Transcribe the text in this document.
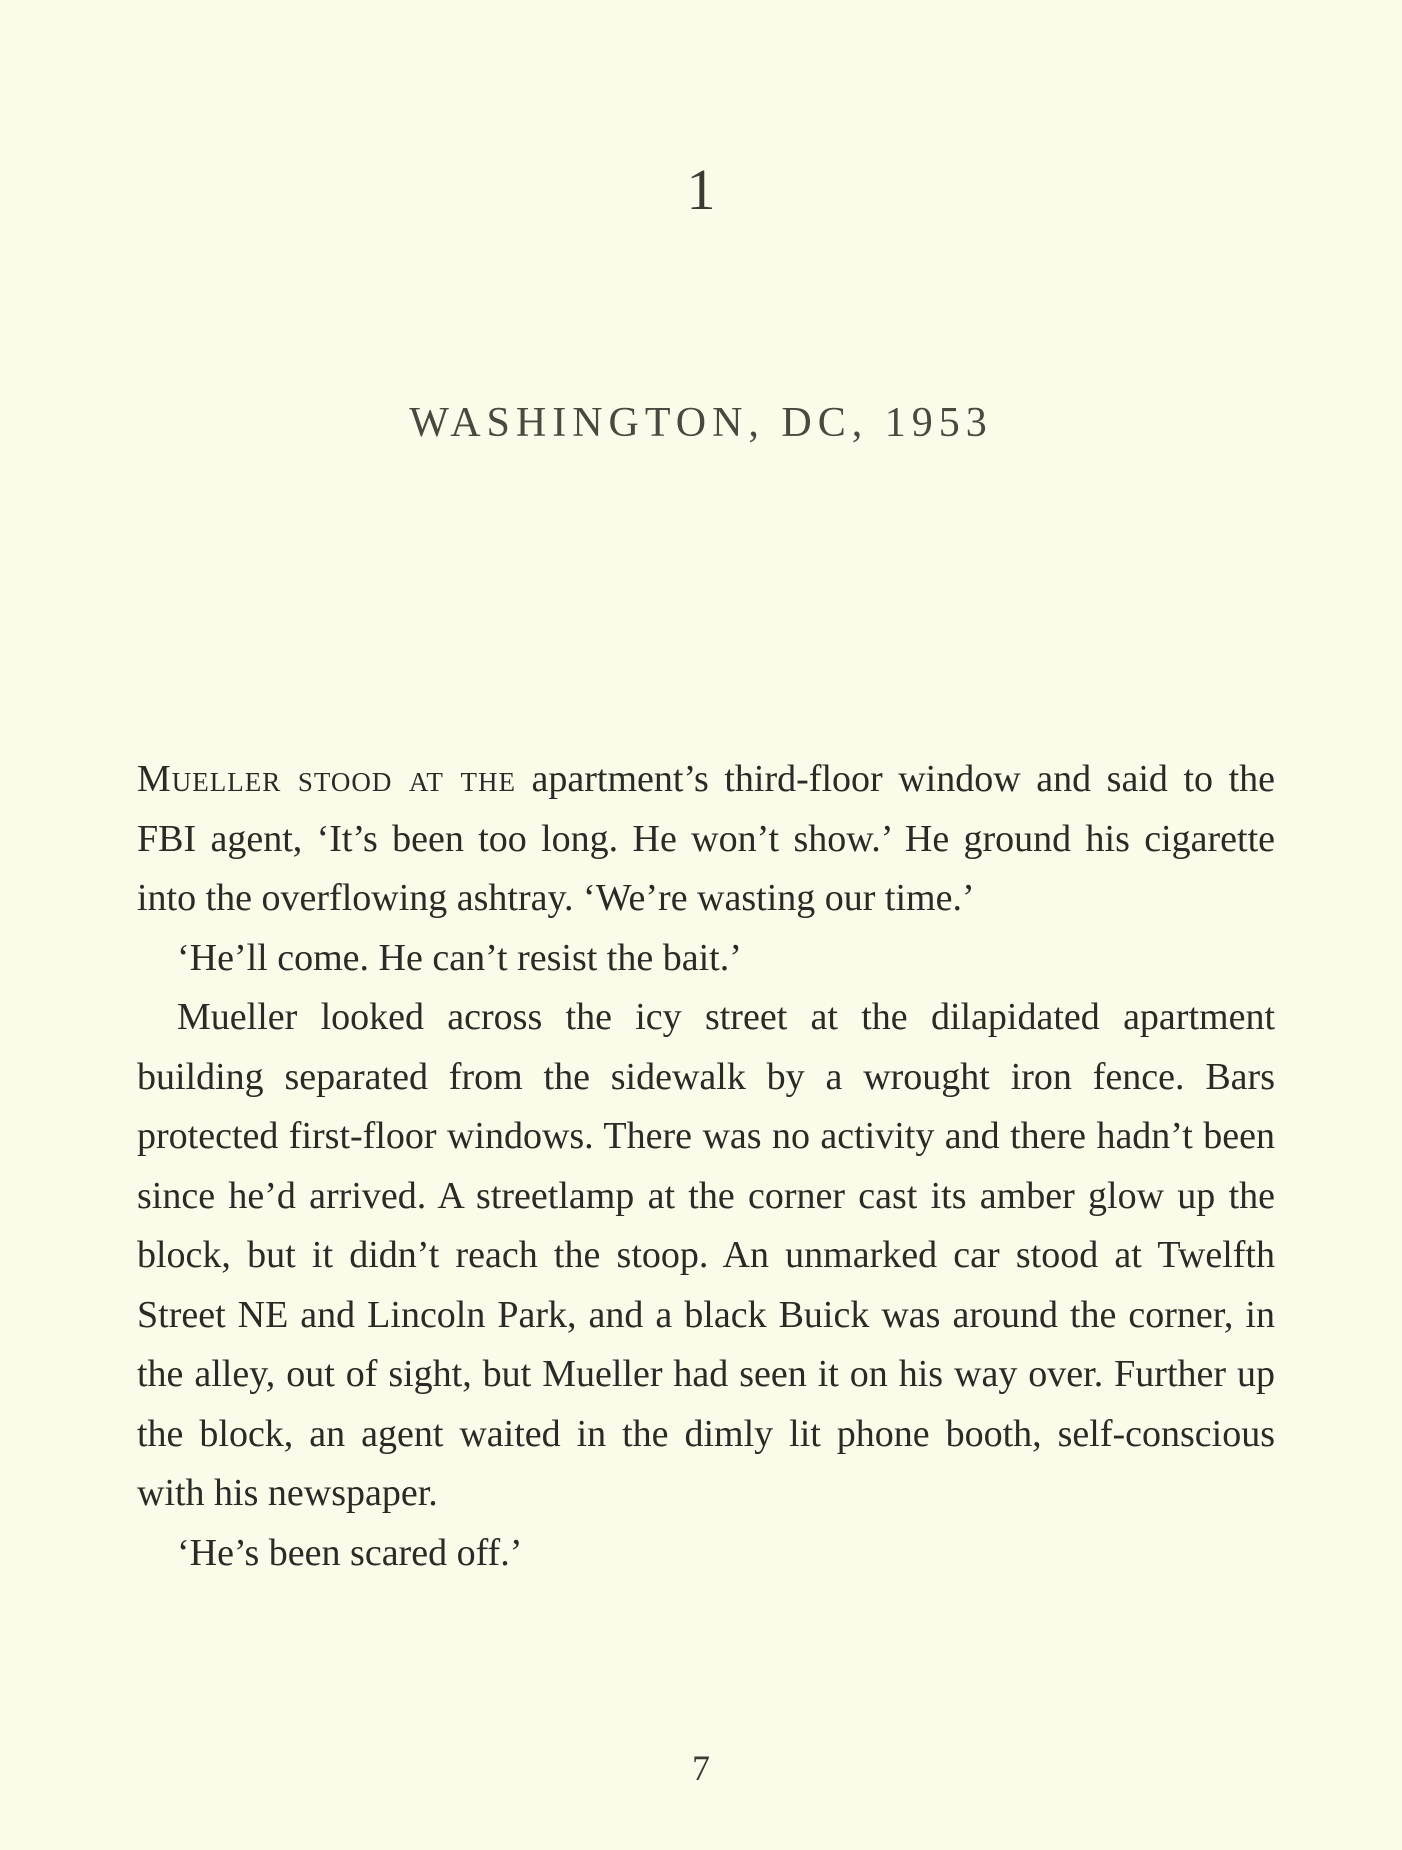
1
WASHINGTON, DC, 1953

Mueller stood at the apartment’s third-floor window and said to the FBI agent, ‘It’s been too long. He won’t show.’ He ground his cigarette into the overflowing ashtray. ‘We’re wasting our time.’

‘He’ll come. He can’t resist the bait.’

Mueller looked across the icy street at the dilapidated apartment building separated from the sidewalk by a wrought iron fence. Bars protected first-floor windows. There was no activity and there hadn’t been since he’d arrived. A streetlamp at the corner cast its amber glow up the block, but it didn’t reach the stoop. An unmarked car stood at Twelfth Street NE and Lincoln Park, and a black Buick was around the corner, in the alley, out of sight, but Mueller had seen it on his way over. Further up the block, an agent waited in the dimly lit phone booth, self-conscious with his newspaper.

‘He’s been scared off.’

7
